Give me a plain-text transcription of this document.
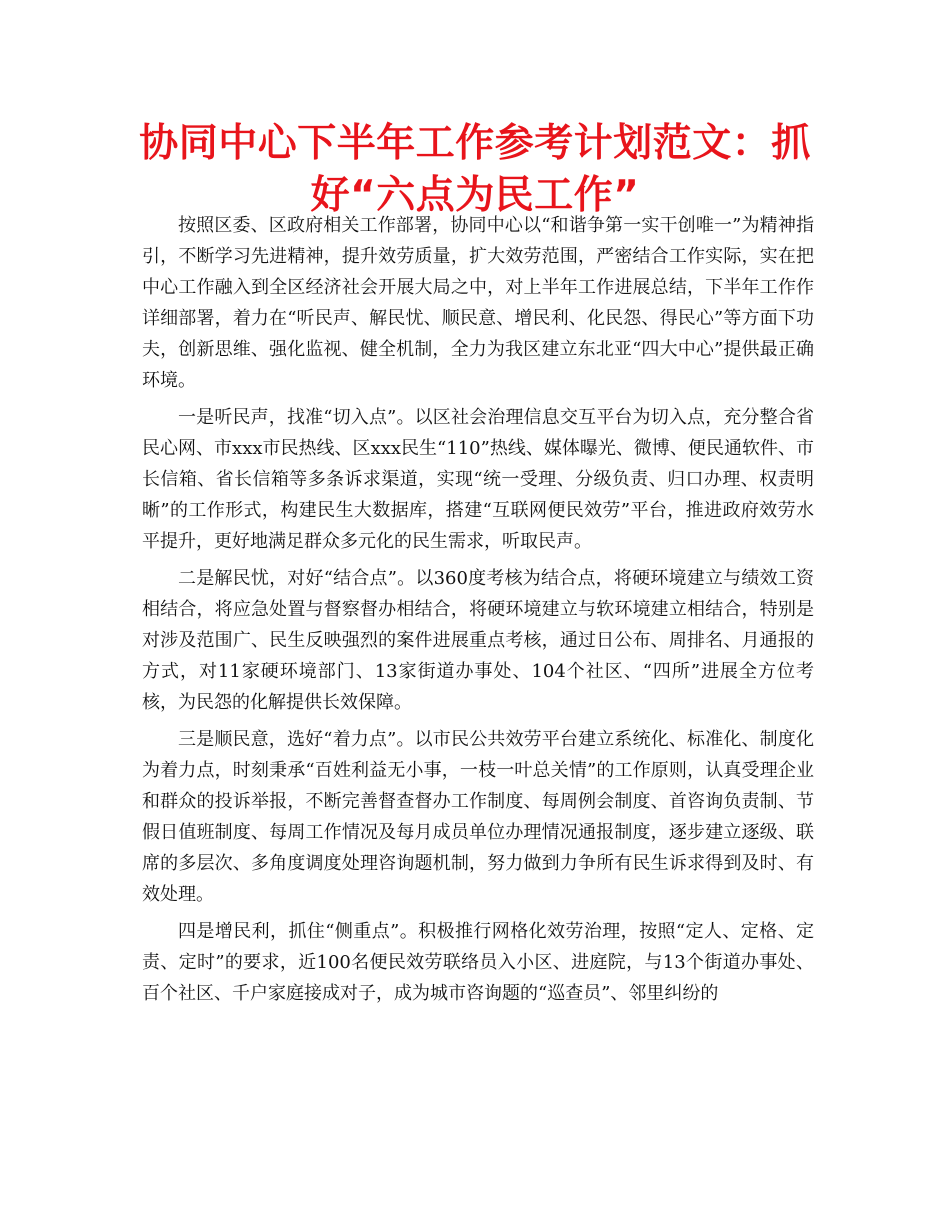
协同中心下半年工作参考计划范文：抓好“六点为民工作”

按照区委、区政府相关工作部署，协同中心以“和谐争第一实干创唯一”为精神指引，不断学习先进精神，提升效劳质量，扩大效劳范围，严密结合工作实际，实在把中心工作融入到全区经济社会开展大局之中，对上半年工作进展总结，下半年工作作详细部署，着力在“听民声、解民忧、顺民意、增民利、化民怨、得民心”等方面下功夫，创新思维、强化监视、健全机制，全力为我区建立东北亚“四大中心”提供最正确环境。

一是听民声，找准“切入点”。以区社会治理信息交互平台为切入点，充分整合省民心网、市xxx市民热线、区xxx民生“110”热线、媒体曝光、微博、便民通软件、市长信箱、省长信箱等多条诉求渠道，实现“统一受理、分级负责、归口办理、权责明晰”的工作形式，构建民生大数据库，搭建“互联网便民效劳”平台，推进政府效劳水平提升，更好地满足群众多元化的民生需求，听取民声。

二是解民忧，对好“结合点”。以360度考核为结合点，将硬环境建立与绩效工资相结合，将应急处置与督察督办相结合，将硬环境建立与软环境建立相结合，特别是对涉及范围广、民生反映强烈的案件进展重点考核，通过日公布、周排名、月通报的方式，对11家硬环境部门、13家街道办事处、104个社区、“四所”进展全方位考核，为民怨的化解提供长效保障。

三是顺民意，选好“着力点”。以市民公共效劳平台建立系统化、标准化、制度化为着力点，时刻秉承“百姓利益无小事，一枝一叶总关情”的工作原则，认真受理企业和群众的投诉举报，不断完善督查督办工作制度、每周例会制度、首咨询负责制、节假日值班制度、每周工作情况及每月成员单位办理情况通报制度，逐步建立逐级、联席的多层次、多角度调度处理咨询题机制，努力做到力争所有民生诉求得到及时、有效处理。

四是增民利，抓住“侧重点”。积极推行网格化效劳治理，按照“定人、定格、定责、定时”的要求，近100名便民效劳联络员入小区、进庭院，与13个街道办事处、百个社区、千户家庭接成对子，成为城市咨询题的“巡查员”、邻里纠纷的
